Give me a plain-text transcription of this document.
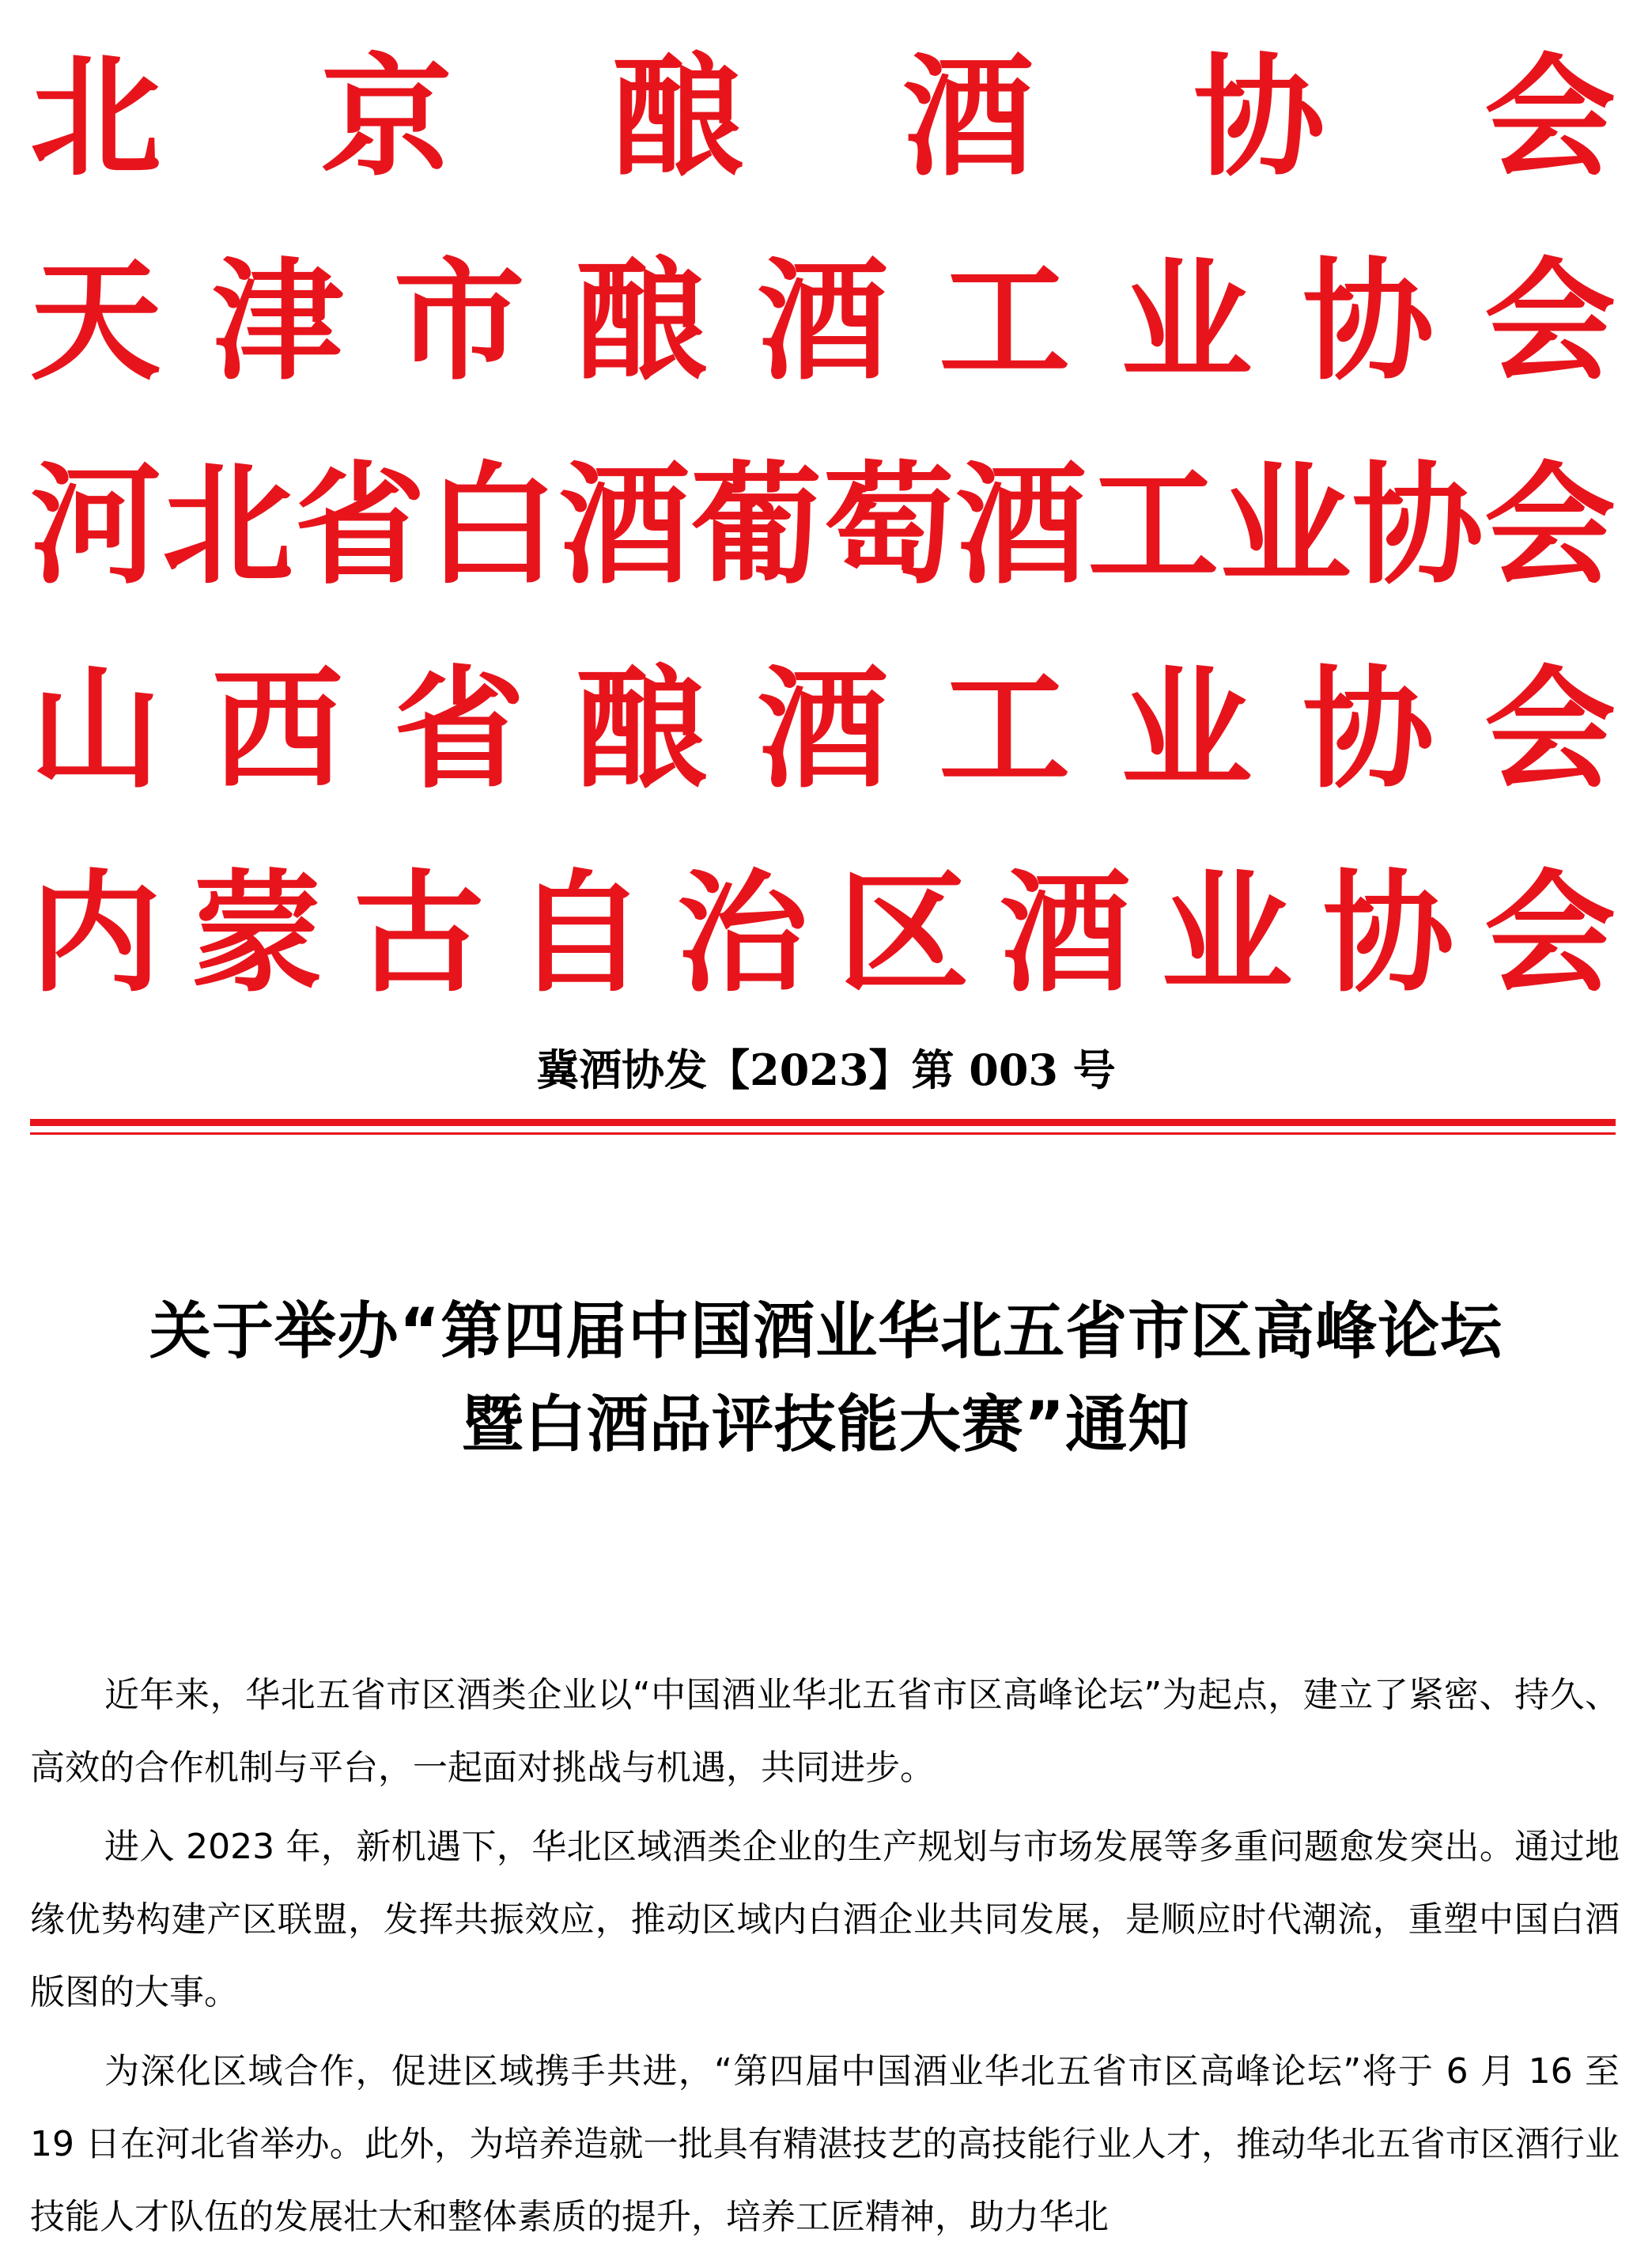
北 京 酿 酒 协 会
天 津 市 酿 酒 工 业 协 会
河 北 省 白 酒 葡 萄 酒 工 业 协 会
山 西 省 酿 酒 工 业 协 会
内 蒙 古 自 治 区 酒 业 协 会
冀酒协发【2023】第 003 号
关于举办“第四届中国酒业华北五省市区高峰论坛
暨白酒品评技能大赛”通知

近年来，华北五省市区酒类企业以“中国酒业华北五省市区高峰论坛”为起点，建立了紧密、持久、高效的合作机制与平台，一起面对挑战与机遇，共同进步。

进入 2023 年，新机遇下，华北区域酒类企业的生产规划与市场发展等多重问题愈发突出。通过地缘优势构建产区联盟，发挥共振效应，推动区域内白酒企业共同发展，是顺应时代潮流，重塑中国白酒版图的大事。

为深化区域合作，促进区域携手共进，“第四届中国酒业华北五省市区高峰论坛”将于 6 月 16 至 19 日在河北省举办。此外，为培养造就一批具有精湛技艺的高技能行业人才，推动华北五省市区酒行业技能人才队伍的发展壮大和整体素质的提升，培养工匠精神，助力华北
